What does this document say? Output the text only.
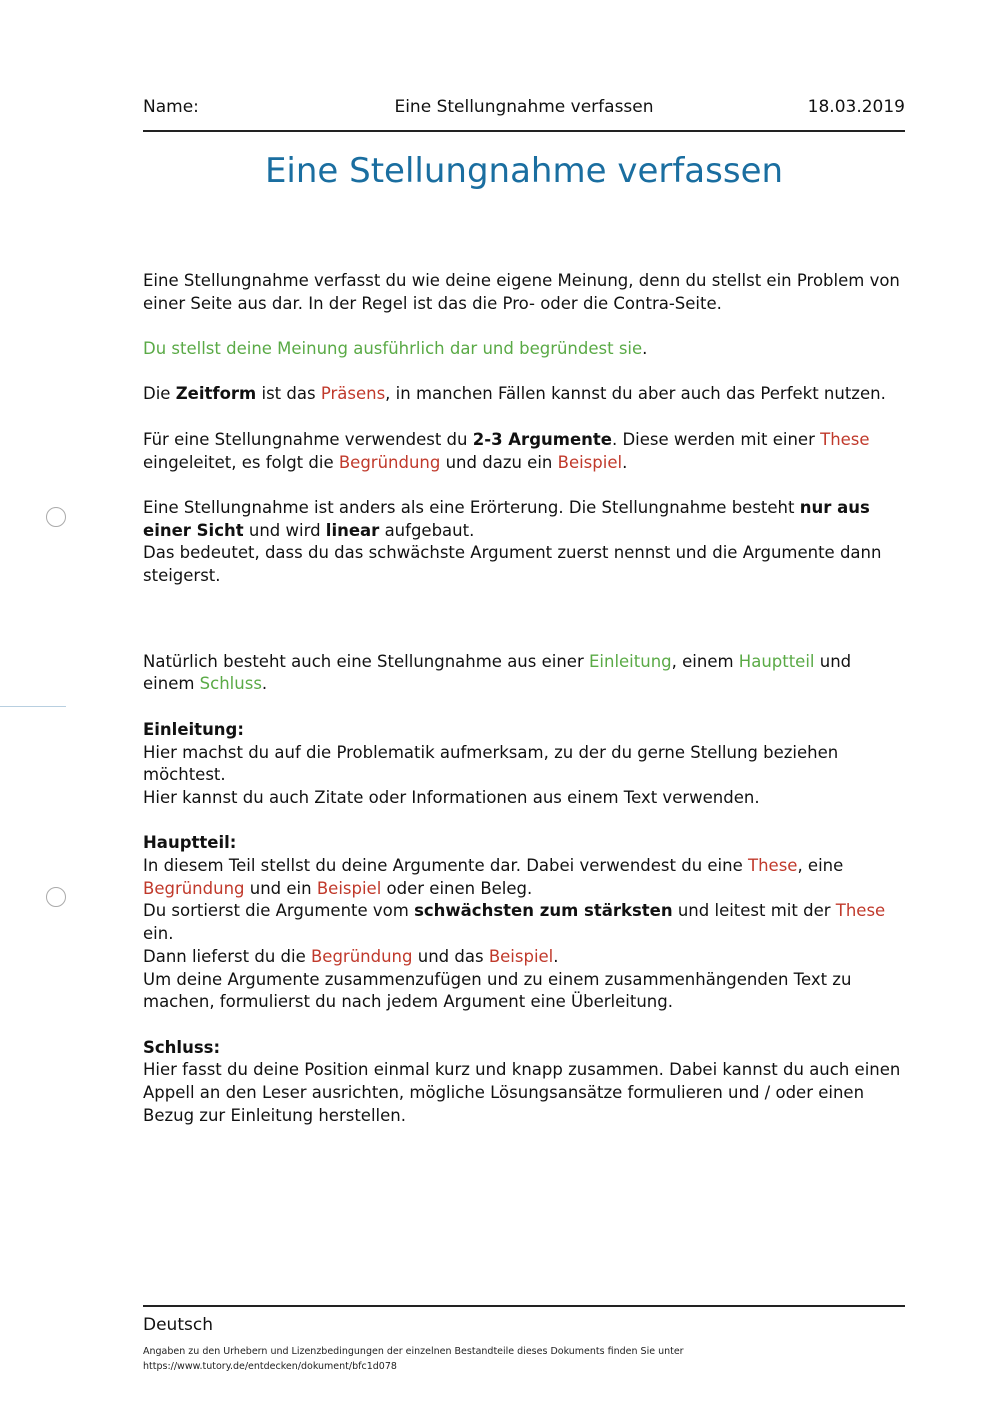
Name:	Eine Stellungnahme verfassen	18.03.2019
Eine Stellungnahme verfassen

Eine Stellungnahme verfasst du wie deine eigene Meinung, denn du stellst ein Problem von einer Seite aus dar. In der Regel ist das die Pro- oder die Contra-Seite.

Du stellst deine Meinung ausführlich dar und begründest sie.

Die Zeitform ist das Präsens, in manchen Fällen kannst du aber auch das Perfekt nutzen.

Für eine Stellungnahme verwendest du 2-3 Argumente. Diese werden mit einer These eingeleitet, es folgt die Begründung und dazu ein Beispiel.

Eine Stellungnahme ist anders als eine Erörterung. Die Stellungnahme besteht nur aus einer Sicht und wird linear aufgebaut.

Das bedeutet, dass du das schwächste Argument zuerst nennst und die Argumente dann steigerst.

Natürlich besteht auch eine Stellungnahme aus einer Einleitung, einem Hauptteil und einem Schluss.

Einleitung:

Hier machst du auf die Problematik aufmerksam, zu der du gerne Stellung beziehen möchtest.

Hier kannst du auch Zitate oder Informationen aus einem Text verwenden.

Hauptteil:

In diesem Teil stellst du deine Argumente dar. Dabei verwendest du eine These, eine Begründung und ein Beispiel oder einen Beleg.

Du sortierst die Argumente vom schwächsten zum stärksten und leitest mit der These ein.

Dann lieferst du die Begründung und das Beispiel.

Um deine Argumente zusammenzufügen und zu einem zusammenhängenden Text zu machen, formulierst du nach jedem Argument eine Überleitung.

Schluss:

Hier fasst du deine Position einmal kurz und knapp zusammen. Dabei kannst du auch einen Appell an den Leser ausrichten, mögliche Lösungsansätze formulieren und / oder einen Bezug zur Einleitung herstellen.

Deutsch
Angaben zu den Urhebern und Lizenzbedingungen der einzelnen Bestandteile dieses Dokuments finden Sie unter
https://www.tutory.de/entdecken/dokument/bfc1d078
